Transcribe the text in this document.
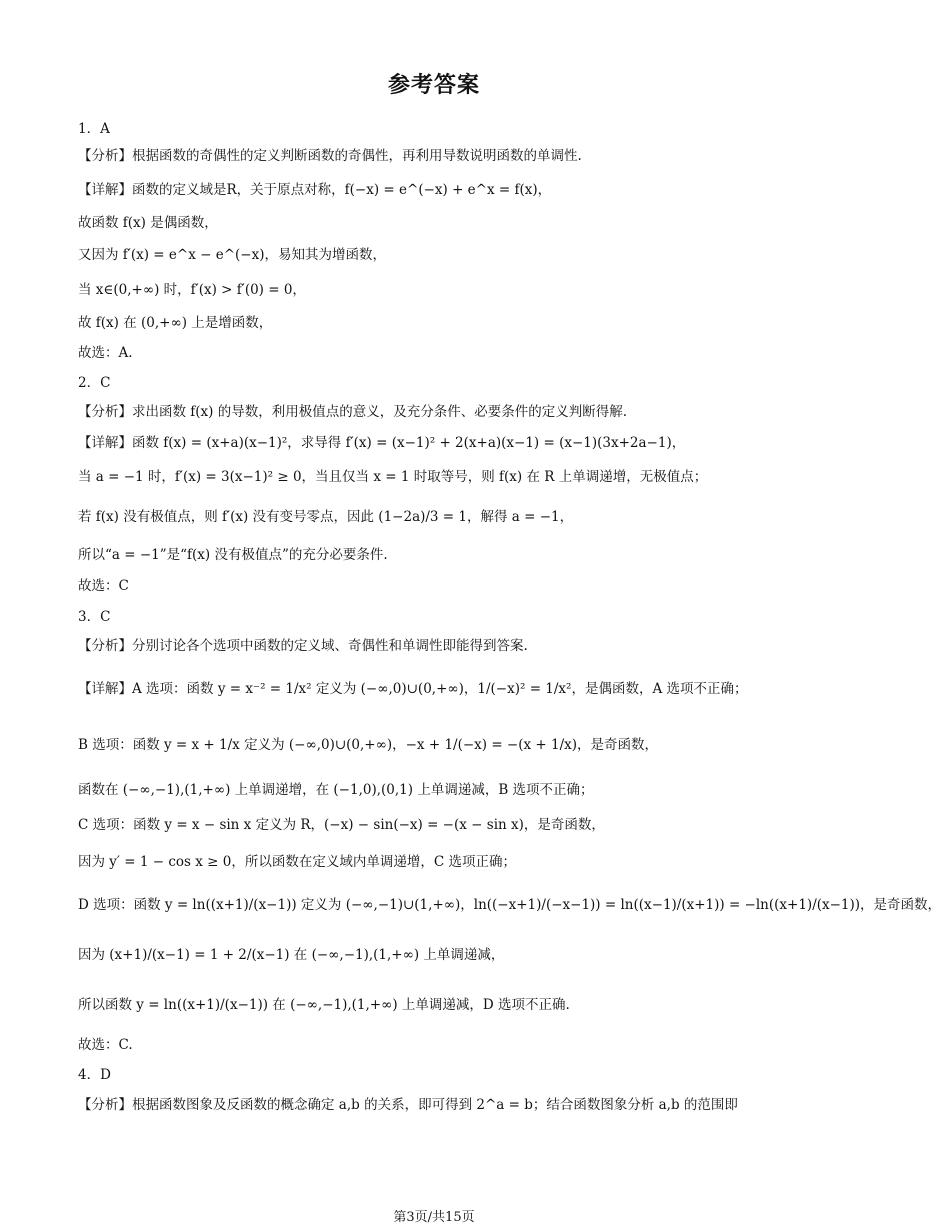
参考答案
1．A
【分析】根据函数的奇偶性的定义判断函数的奇偶性，再利用导数说明函数的单调性.
【详解】函数的定义域是R，关于原点对称，f(−x) = e^(−x) + e^x = f(x)，
故函数 f(x) 是偶函数，
又因为 f′(x) = e^x − e^(−x)，易知其为增函数，
当 x∈(0,+∞) 时，f′(x) > f′(0) = 0，
故 f(x) 在 (0,+∞) 上是增函数，
故选：A.
2．C
【分析】求出函数 f(x) 的导数，利用极值点的意义，及充分条件、必要条件的定义判断得解.
【详解】函数 f(x) = (x+a)(x−1)²，求导得 f′(x) = (x−1)² + 2(x+a)(x−1) = (x−1)(3x+2a−1)，
当 a = −1 时，f′(x) = 3(x−1)² ≥ 0，当且仅当 x = 1 时取等号，则 f(x) 在 R 上单调递增，无极值点；
若 f(x) 没有极值点，则 f′(x) 没有变号零点，因此 (1−2a)/3 = 1，解得 a = −1，
所以“a = −1”是“f(x) 没有极值点”的充分必要条件.
故选：C
3．C
【分析】分别讨论各个选项中函数的定义域、奇偶性和单调性即能得到答案.
【详解】A 选项：函数 y = x⁻² = 1/x² 定义为 (−∞,0)∪(0,+∞)，1/(−x)² = 1/x²，是偶函数，A 选项不正确；
B 选项：函数 y = x + 1/x 定义为 (−∞,0)∪(0,+∞)，−x + 1/(−x) = −(x + 1/x)，是奇函数，
函数在 (−∞,−1),(1,+∞) 上单调递增，在 (−1,0),(0,1) 上单调递减，B 选项不正确；
C 选项：函数 y = x − sin x 定义为 R，(−x) − sin(−x) = −(x − sin x)，是奇函数，
因为 y′ = 1 − cos x ≥ 0，所以函数在定义域内单调递增，C 选项正确；
D 选项：函数 y = ln((x+1)/(x−1)) 定义为 (−∞,−1)∪(1,+∞)，ln((−x+1)/(−x−1)) = ln((x−1)/(x+1)) = −ln((x+1)/(x−1))，是奇函数，
因为 (x+1)/(x−1) = 1 + 2/(x−1) 在 (−∞,−1),(1,+∞) 上单调递减，
所以函数 y = ln((x+1)/(x−1)) 在 (−∞,−1),(1,+∞) 上单调递减，D 选项不正确.
故选：C.
4．D
【分析】根据函数图象及反函数的概念确定 a,b 的关系，即可得到 2^a = b；结合函数图象分析 a,b 的范围即
第3页/共15页
